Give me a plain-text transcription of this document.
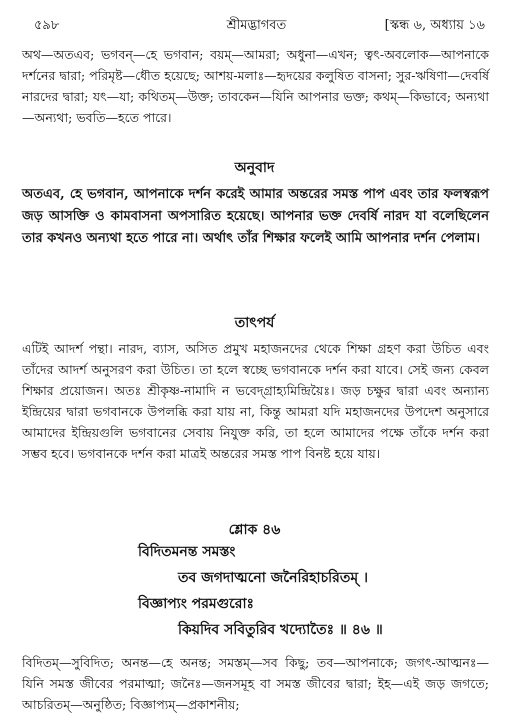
৫৯৮	শ্রীমদ্ভাগবত	[স্কন্ধ ৬, অধ্যায় ১৬
অথ—অতএব; ভগবন্—হে ভগবান; বয়ম্—আমরা; অধুনা—এখন; ত্বৎ-অবলোক—আপনাকে দর্শনের দ্বারা; পরিমৃষ্ট—ধৌত হয়েছে; আশয়-মলাঃ—হৃদয়ের কলুষিত বাসনা; সুর-ঋষিণা—দেবর্ষি নারদের দ্বারা; যৎ—যা; কথিতম্—উক্ত; তাবকেন—যিনি আপনার ভক্ত; কথম্—কিভাবে; অন্যথা—অন্যথা; ভবতি—হতে পারে।
অনুবাদ
অতএব, হে ভগবান, আপনাকে দর্শন করেই আমার অন্তরের সমস্ত পাপ এবং তার ফলস্বরূপ জড় আসক্তি ও কামবাসনা অপসারিত হয়েছে। আপনার ভক্ত দেবর্ষি নারদ যা বলেছিলেন তার কখনও অন্যথা হতে পারে না। অর্থাৎ তাঁর শিক্ষার ফলেই আমি আপনার দর্শন পেলাম।
তাৎপর্য
এটিই আদর্শ পন্থা। নারদ, ব্যাস, অসিত প্রমুখ মহাজনদের থেকে শিক্ষা গ্রহণ করা উচিত এবং তাঁদের আদর্শ অনুসরণ করা উচিত। তা হলে স্বচ্ছে ভগবানকে দর্শন করা যাবে। সেই জন্য কেবল শিক্ষার প্রয়োজন। অতঃ শ্রীকৃষ্ণ-নামাদি ন ভবেদ্গ্রাহ্যমিন্দ্রিয়ৈঃ। জড় চক্ষুর দ্বারা এবং অন্যান্য ইন্দ্রিয়ের দ্বারা ভগবানকে উপলব্ধি করা যায় না, কিন্তু আমরা যদি মহাজনদের উপদেশ অনুসারে আমাদের ইন্দ্রিয়গুলি ভগবানের সেবায় নিযুক্ত করি, তা হলে আমাদের পক্ষে তাঁকে দর্শন করা সম্ভব হবে। ভগবানকে দর্শন করা মাত্রই অন্তরের সমস্ত পাপ বিনষ্ট হয়ে যায়।
শ্লোক ৪৬
বিদিতমনন্ত সমস্তং
তব জগদাত্মনো জনৈরিহাচরিতম্ ।
বিজ্ঞাপ্যং পরমগুরোঃ
কিয়দিব সবিতুরিব খদ্যোতৈঃ ॥ ৪৬ ॥
বিদিতম্—সুবিদিত; অনন্ত—হে অনন্ত; সমস্তম্—সব কিছু; তব—আপনাকে; জগৎ-আত্মনঃ—যিনি সমস্ত জীবের পরমাত্মা; জনৈঃ—জনসমূহ বা সমস্ত জীবের দ্বারা; ইহ—এই জড় জগতে; আচরিতম্—অনুষ্ঠিত; বিজ্ঞাপ্যম্—প্রকাশনীয়;
